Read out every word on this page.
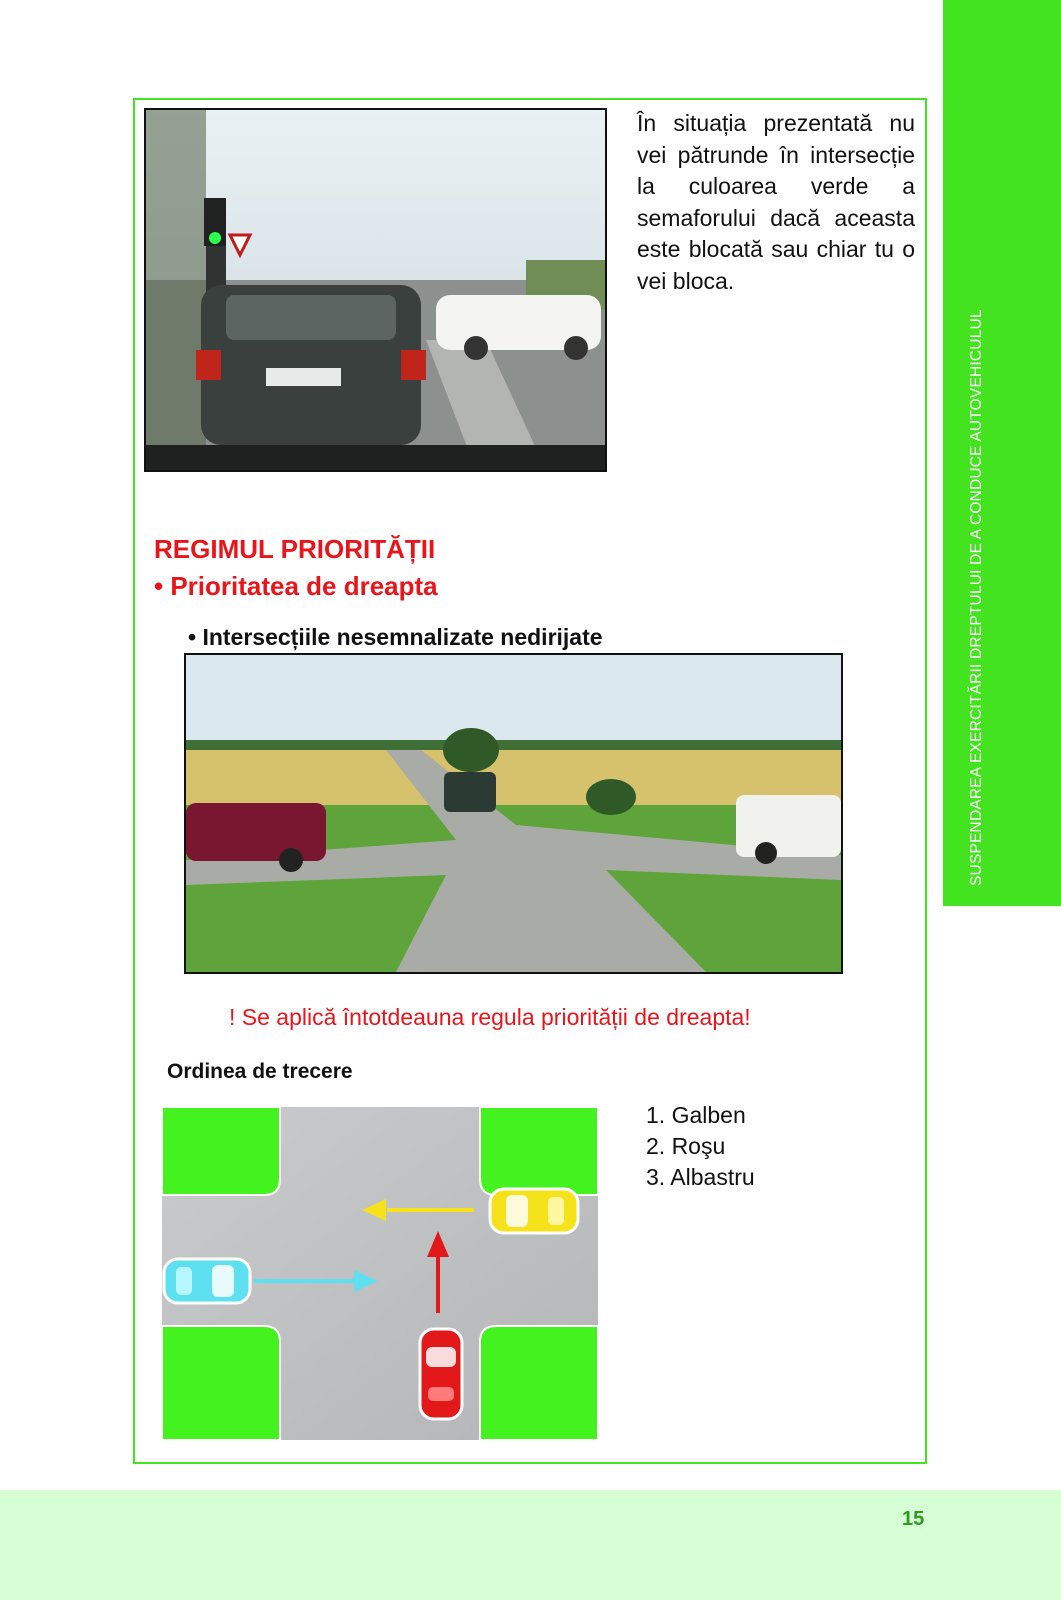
SUSPENDAREA EXERCITĂRII DREPTULUI DE A CONDUCE AUTOVEHICULUL
În situația prezentată nu vei pătrunde în intersecție la culoarea verde a semaforului dacă aceasta este blocată sau chiar tu o vei bloca.
REGIMUL PRIORITĂȚII
• Prioritatea de dreapta
• Intersecțiile nesemnalizate nedirijate
! Se aplică întotdeauna regula priorității de dreapta!
Ordinea de trecere
1. Galben
2. Roşu
3. Albastru
15
